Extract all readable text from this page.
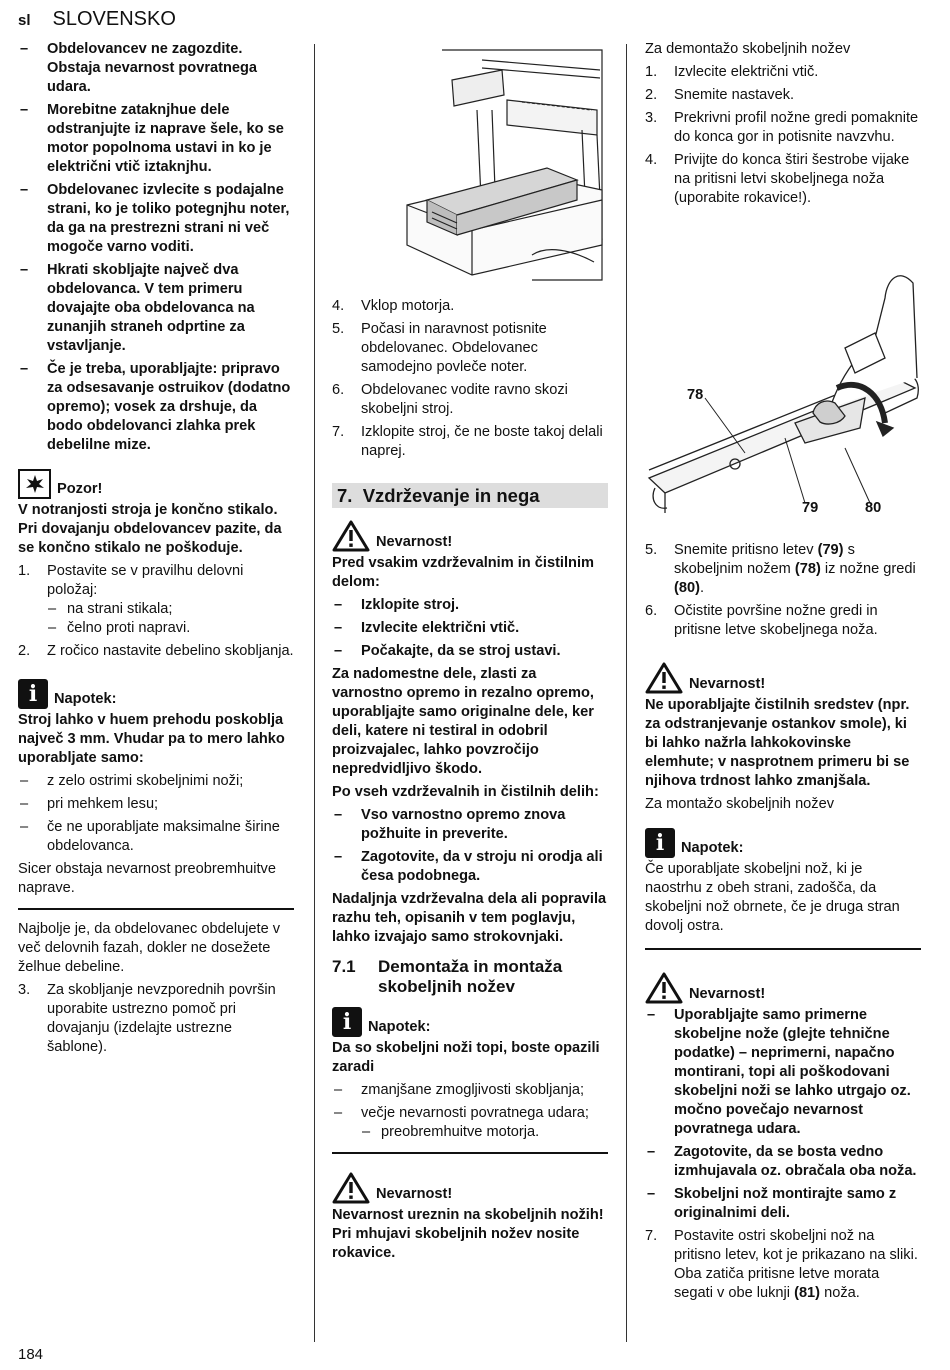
sl SLOVENSKO
– Obdelovancev ne zagozdite. Obstaja nevarnost povratnega udara.
– Morebitne zataknjhue dele odstranjujte iz naprave šele, ko se motor popolnoma ustavi in ko je električni vtič iztaknjhu.
– Obdelovanec izvlecite s podajalne strani, ko je toliko potegnjhu noter, da ga na prestrezni strani ni več mogoče varno voditi.
– Hkrati skobljajte največ dva obdelovanca. V tem primeru dovajajte oba obdelovanca na zunanjih straneh odprtine za vstavljanje.
– Če je treba, uporabljajte: pripravo za odsesavanje ostruikov (dodatno opremo); vosek za drshuje, da bodo obdelovanci zlahka prek debelilne mize.
Pozor!

V notranjosti stroja je končno stikalo. Pri dovajanju obdelovancev pazite, da se končno stikalo ne poškoduje.

1. Postavite se v pravilhu delovni položaj:
– na strani stikala;
– čelno proti napravi.
2. Z ročico nastavite debelino skobljanja.
i	Napotek:

Stroj lahko v huem prehodu poskoblja največ 3 mm. Vhudar pa to mero lahko uporabljate samo:

– z zelo ostrimi skobeljnimi noži;
– pri mehkem lesu;
– če ne uporabljate maksimalne širine obdelovanca.

Sicer obstaja nevarnost preobremhuitve naprave.

Najbolje je, da obdelovanec obdelujete v več delovnih fazah, dokler ne dosežete želhue debeline.

3. Za skobljanje nevzporednih površin uporabite ustrezno pomoč pri dovajanju (izdelajte ustrezne šablone).
4. Vklop motorja.
5. Počasi in naravnost potisnite obdelovanec. Obdelovanec samodejno povleče noter.
6. Obdelovanec vodite ravno skozi skobeljni stroj.
7. Izklopite stroj, če ne boste takoj delali naprej.
7. Vzdrževanje in nega
Nevarnost!

Pred vsakim vzdrževalnim in čistilnim delom:

– Izklopite stroj.
– Izvlecite električni vtič.
– Počakajte, da se stroj ustavi.

Za nadomestne dele, zlasti za varnostno opremo in rezalno opremo, uporabljajte samo originalne dele, ker deli, katere ni testiral in odobril proizvajalec, lahko povzročijo nepredvidljivo škodo.

Po vseh vzdrževalnih in čistilnih delih:

– Vso varnostno opremo znova požhuite in preverite.
– Zagotovite, da v stroju ni orodja ali česa podobnega.

Nadaljnja vzdrževalna dela ali popravila razhu teh, opisanih v tem poglavju, lahko izvajajo samo strokovnjaki.

7.1	Demontaža in montaža skobeljnih nožev
i	Napotek:

Da so skobeljni noži topi, boste opazili zaradi

– zmanjšane zmogljivosti skobljanja;
– večje nevarnosti povratnega udara;
– preobremhuitve motorja.
Nevarnost!

Nevarnost ureznin na skobeljnih nožih! Pri mhujavi skobeljnih nožev nosite rokavice.

Za demontažo skobeljnih nožev

1. Izvlecite električni vtič.
2. Snemite nastavek.
3. Prekrivni profil nožne gredi pomaknite do konca gor in potisnite navzvhu.
4. Privijte do konca štiri šestrobe vijake na pritisni letvi skobeljnega noža (uporabite rokavice!).
78
79	80
5. Snemite pritisno letev (79) s skobeljnim nožem (78) iz nožne gredi (80).
6. Očistite površine nožne gredi in pritisne letve skobeljnega noža.
Nevarnost!

Ne uporabljajte čistilnih sredstev (npr. za odstranjevanje ostankov smole), ki bi lahko nažrla lahkokovinske elemhute; v nasprotnem primeru bi se njihova trdnost lahko zmanjšala.

Za montažo skobeljnih nožev

i	Napotek:

Če uporabljate skobeljni nož, ki je naostrhu z obeh strani, zadošča, da skobeljni nož obrnete, če je druga stran dovolj ostra.

Nevarnost!
– Uporabljajte samo primerne skobeljne nože (glejte tehnične podatke) – neprimerni, napačno montirani, topi ali poškodovani skobeljni noži se lahko utrgajo oz. močno povečajo nevarnost povratnega udara.
– Zagotovite, da se bosta vedno izmhujavala oz. obračala oba noža.
– Skobeljni nož montirajte samo z originalnimi deli.
7. Postavite ostri skobeljni nož na pritisno letev, kot je prikazano na sliki. Oba zatiča pritisne letve morata segati v obe luknji (81) noža.
184
